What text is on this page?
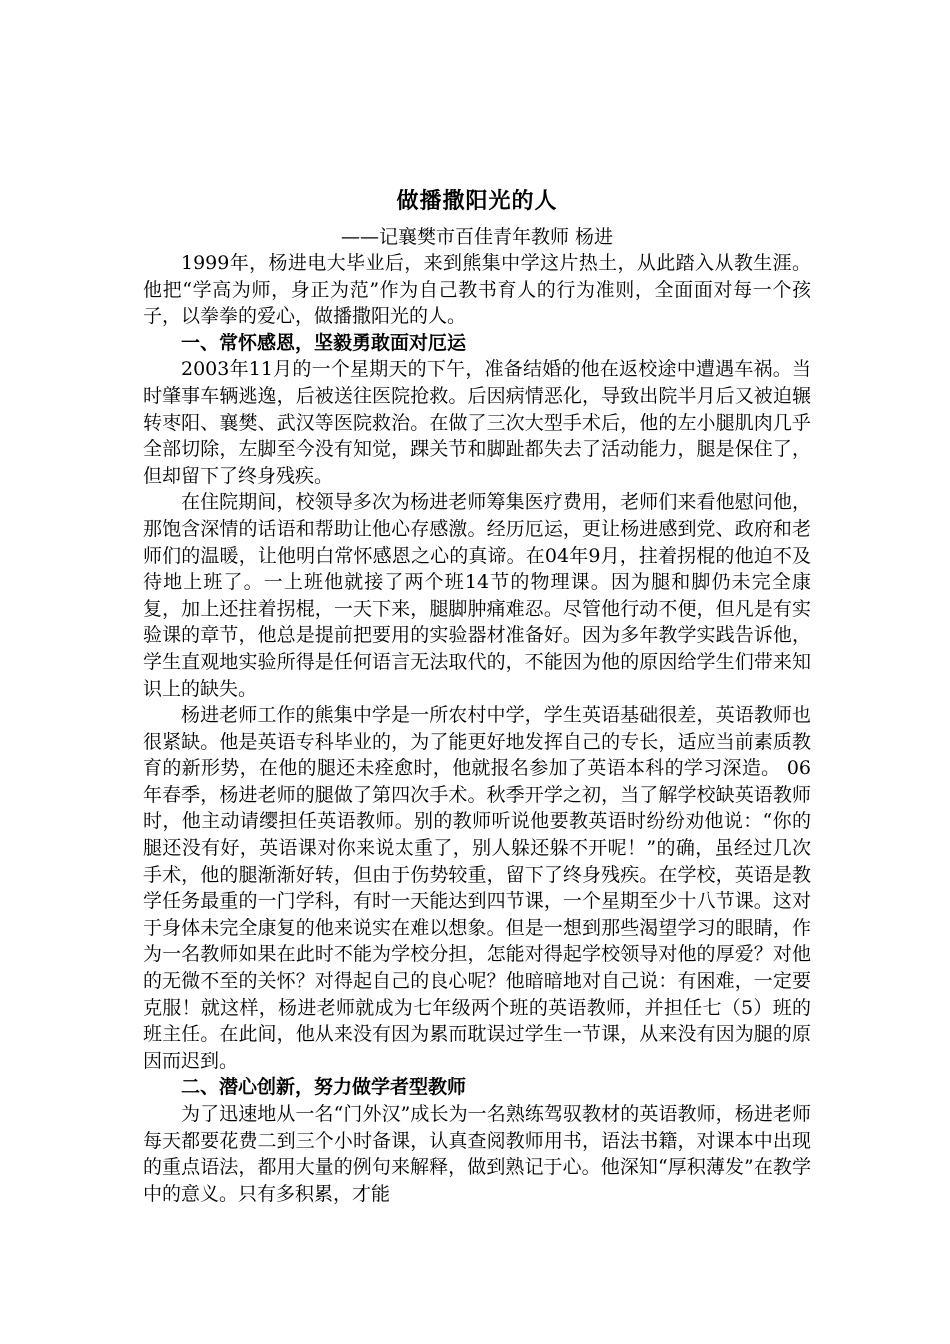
做播撒阳光的人
——记襄樊市百佳青年教师 杨进

1999年，杨进电大毕业后，来到熊集中学这片热土，从此踏入从教生涯。他把“学高为师，身正为范”作为自己教书育人的行为准则，全面面对每一个孩子，以拳拳的爱心，做播撒阳光的人。

一、常怀感恩，坚毅勇敢面对厄运

2003年11月的一个星期天的下午，准备结婚的他在返校途中遭遇车祸。当时肇事车辆逃逸，后被送往医院抢救。后因病情恶化，导致出院半月后又被迫辗转枣阳、襄樊、武汉等医院救治。在做了三次大型手术后，他的左小腿肌肉几乎全部切除，左脚至今没有知觉，踝关节和脚趾都失去了活动能力，腿是保住了，但却留下了终身残疾。

在住院期间，校领导多次为杨进老师筹集医疗费用，老师们来看他慰问他，那饱含深情的话语和帮助让他心存感激。经历厄运，更让杨进感到党、政府和老师们的温暖，让他明白常怀感恩之心的真谛。在04年9月，拄着拐棍的他迫不及待地上班了。一上班他就接了两个班14节的物理课。因为腿和脚仍未完全康复，加上还拄着拐棍，一天下来，腿脚肿痛难忍。尽管他行动不便，但凡是有实验课的章节，他总是提前把要用的实验器材准备好。因为多年教学实践告诉他，学生直观地实验所得是任何语言无法取代的，不能因为他的原因给学生们带来知识上的缺失。

杨进老师工作的熊集中学是一所农村中学，学生英语基础很差，英语教师也很紧缺。他是英语专科毕业的，为了能更好地发挥自己的专长，适应当前素质教育的新形势，在他的腿还未痊愈时，他就报名参加了英语本科的学习深造。 06年春季，杨进老师的腿做了第四次手术。秋季开学之初，当了解学校缺英语教师时，他主动请缨担任英语教师。别的教师听说他要教英语时纷纷劝他说：“你的腿还没有好，英语课对你来说太重了，别人躲还躲不开呢！”的确，虽经过几次手术，他的腿渐渐好转，但由于伤势较重，留下了终身残疾。在学校，英语是教学任务最重的一门学科，有时一天能达到四节课，一个星期至少十八节课。这对于身体未完全康复的他来说实在难以想象。但是一想到那些渴望学习的眼睛，作为一名教师如果在此时不能为学校分担，怎能对得起学校领导对他的厚爱？对他的无微不至的关怀？对得起自己的良心呢？他暗暗地对自己说：有困难，一定要克服！就这样，杨进老师就成为七年级两个班的英语教师，并担任七（5）班的班主任。在此间，他从来没有因为累而耽误过学生一节课，从来没有因为腿的原因而迟到。

二、潜心创新，努力做学者型教师

为了迅速地从一名“门外汉”成长为一名熟练驾驭教材的英语教师，杨进老师每天都要花费二到三个小时备课，认真查阅教师用书，语法书籍，对课本中出现的重点语法，都用大量的例句来解释，做到熟记于心。他深知“厚积薄发”在教学中的意义。只有多积累，才能
